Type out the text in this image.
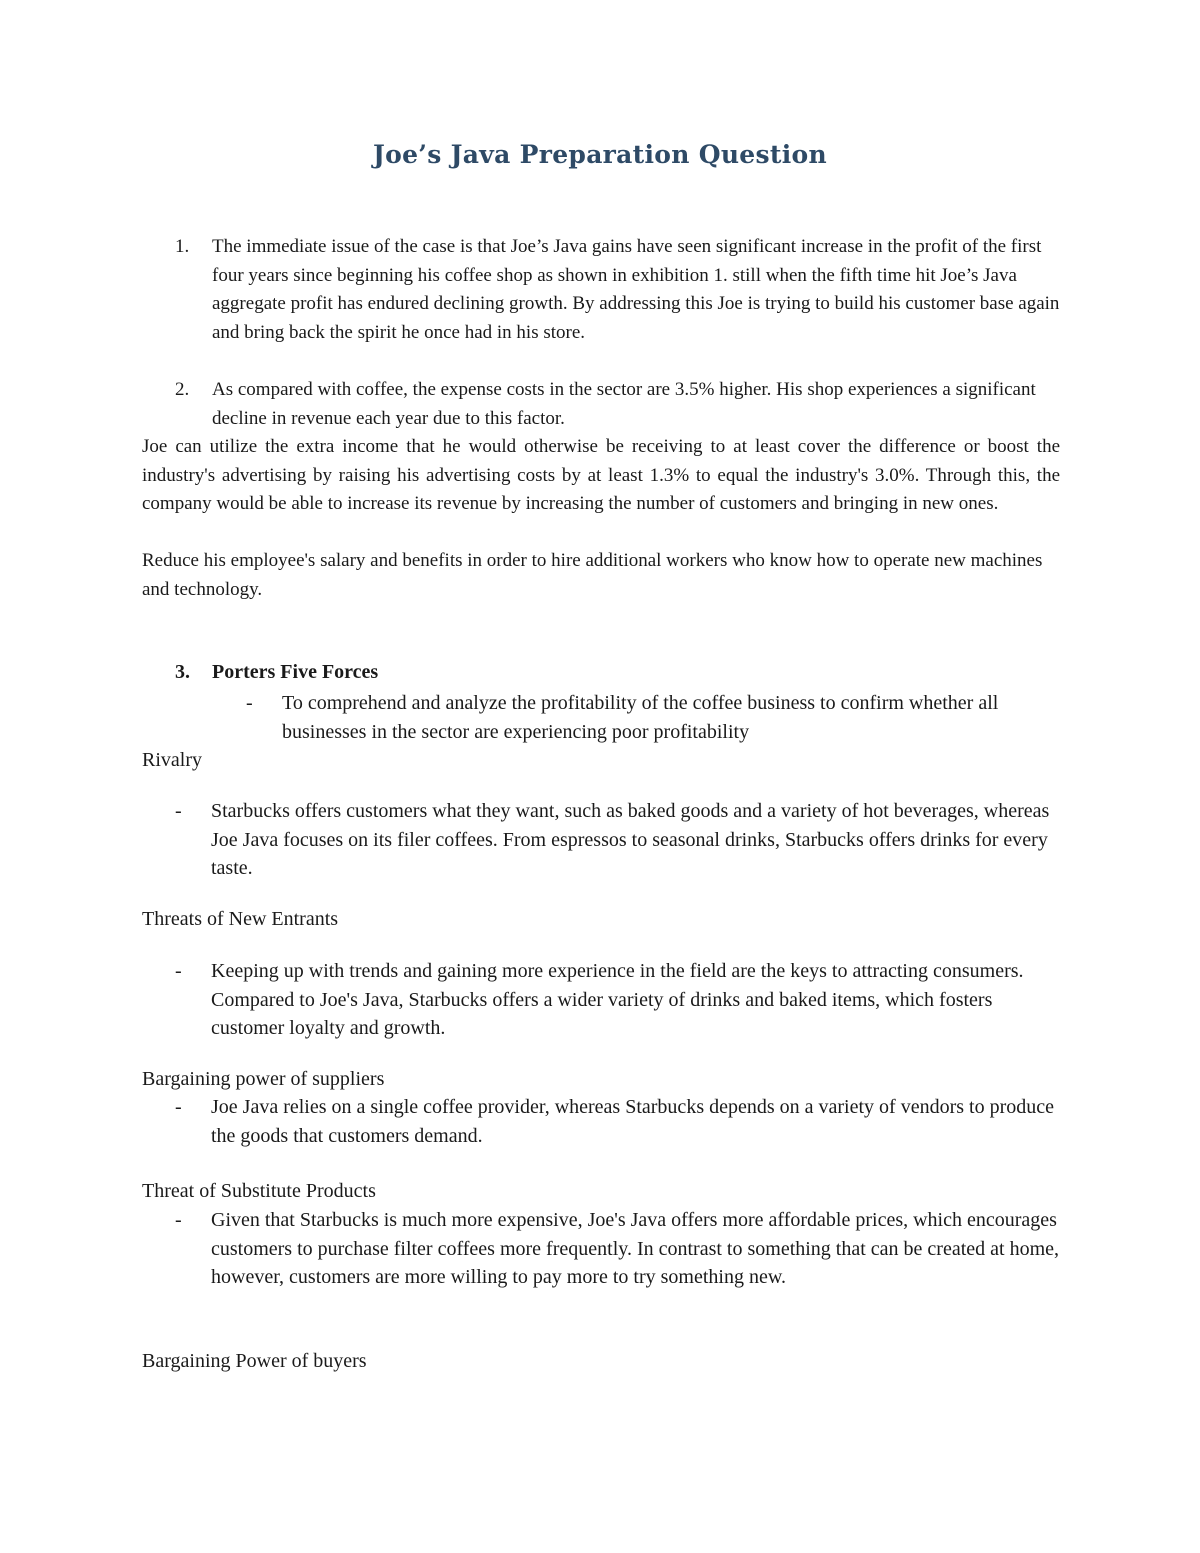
Joe’s Java Preparation Question
1. The immediate issue of the case is that Joe’s Java gains have seen significant increase in the profit of the first four years since beginning his coffee shop as shown in exhibition 1. still when the fifth time hit Joe’s Java aggregate profit has endured declining growth. By addressing this Joe is trying to build his customer base again and bring back the spirit he once had in his store.
2. As compared with coffee, the expense costs in the sector are 3.5% higher. His shop experiences a significant decline in revenue each year due to this factor.
Joe can utilize the extra income that he would otherwise be receiving to at least cover the difference or boost the industry's advertising by raising his advertising costs by at least 1.3% to equal the industry's 3.0%. Through this, the company would be able to increase its revenue by increasing the number of customers and bringing in new ones.
Reduce his employee's salary and benefits in order to hire additional workers who know how to operate new machines and technology.
3. Porters Five Forces
- To comprehend and analyze the profitability of the coffee business to confirm whether all businesses in the sector are experiencing poor profitability
Rivalry
- Starbucks offers customers what they want, such as baked goods and a variety of hot beverages, whereas Joe Java focuses on its filer coffees. From espressos to seasonal drinks, Starbucks offers drinks for every taste.
Threats of New Entrants
- Keeping up with trends and gaining more experience in the field are the keys to attracting consumers. Compared to Joe's Java, Starbucks offers a wider variety of drinks and baked items, which fosters customer loyalty and growth.
Bargaining power of suppliers
- Joe Java relies on a single coffee provider, whereas Starbucks depends on a variety of vendors to produce the goods that customers demand.
Threat of Substitute Products
- Given that Starbucks is much more expensive, Joe's Java offers more affordable prices, which encourages customers to purchase filter coffees more frequently. In contrast to something that can be created at home, however, customers are more willing to pay more to try something new.
Bargaining Power of buyers
